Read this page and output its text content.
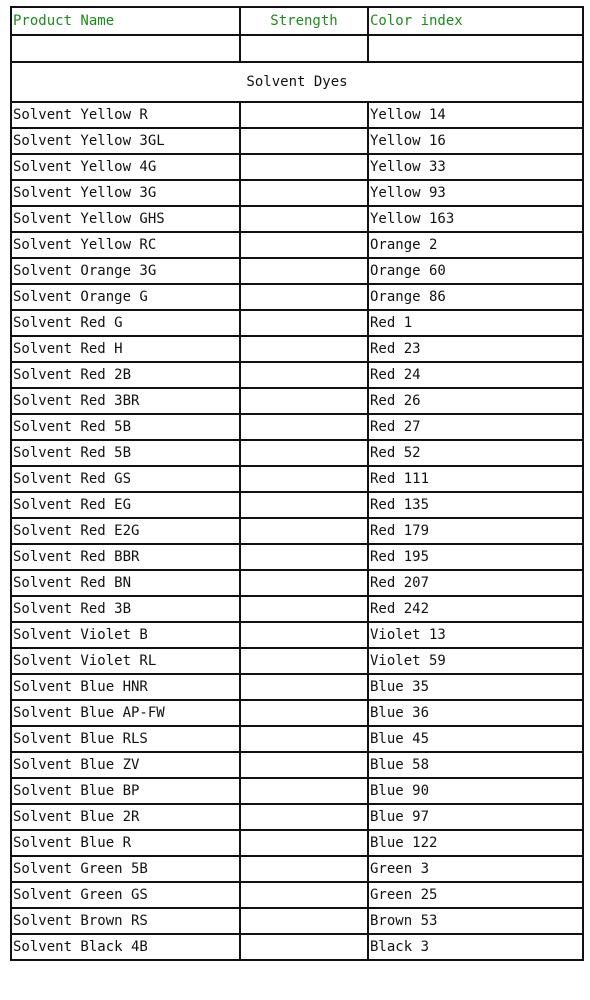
Product Name	Strength	Color index

Solvent Dyes		
Solvent Yellow R		Yellow 14
Solvent Yellow 3GL		Yellow 16
Solvent Yellow 4G		Yellow 33
Solvent Yellow 3G		Yellow 93
Solvent Yellow GHS		Yellow 163
Solvent Yellow RC		Orange 2
Solvent Orange 3G		Orange 60
Solvent Orange G		Orange 86
Solvent Red G		Red 1
Solvent Red H		Red 23
Solvent Red 2B		Red 24
Solvent Red 3BR		Red 26
Solvent Red 5B		Red 27
Solvent Red 5B		Red 52
Solvent Red GS		Red 111
Solvent Red EG		Red 135
Solvent Red E2G		Red 179
Solvent Red BBR		Red 195
Solvent Red BN		Red 207
Solvent Red 3B		Red 242
Solvent Violet B		Violet 13
Solvent Violet RL		Violet 59
Solvent Blue HNR		Blue 35
Solvent Blue AP-FW		Blue 36
Solvent Blue RLS		Blue 45
Solvent Blue ZV		Blue 58
Solvent Blue BP		Blue 90
Solvent Blue 2R		Blue 97
Solvent Blue R		Blue 122
Solvent Green 5B		Green 3
Solvent Green GS		Green 25
Solvent Brown RS		Brown 53
Solvent Black 4B		Black 3
